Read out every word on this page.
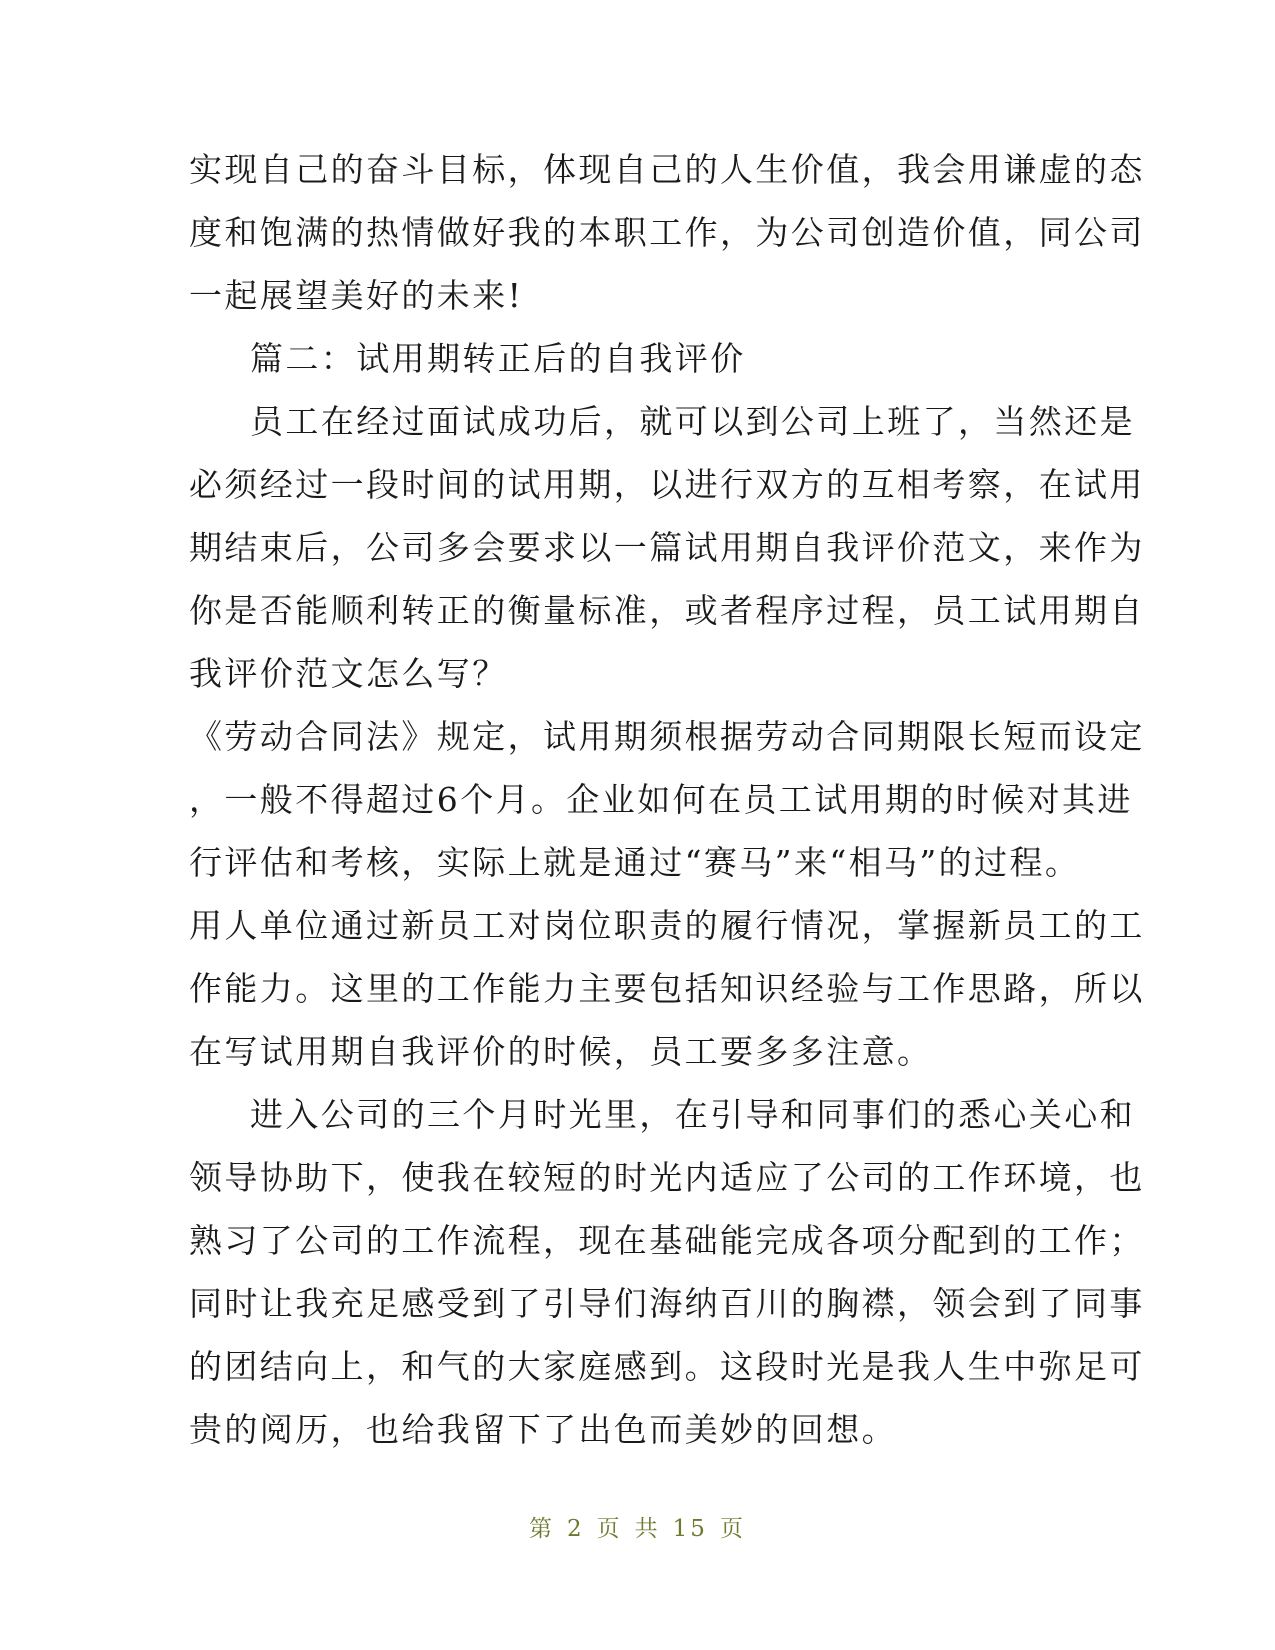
实现自己的奋斗目标，体现自己的人生价值，我会用谦虚的态
度和饱满的热情做好我的本职工作，为公司创造价值，同公司
一起展望美好的未来!
篇二：试用期转正后的自我评价
员工在经过面试成功后，就可以到公司上班了，当然还是
必须经过一段时间的试用期，以进行双方的互相考察，在试用
期结束后，公司多会要求以一篇试用期自我评价范文，来作为
你是否能顺利转正的衡量标准，或者程序过程，员工试用期自
我评价范文怎么写？
《劳动合同法》规定，试用期须根据劳动合同期限长短而设定
，一般不得超过6个月。企业如何在员工试用期的时候对其进
行评估和考核，实际上就是通过“赛马”来“相马”的过程。
用人单位通过新员工对岗位职责的履行情况，掌握新员工的工
作能力。这里的工作能力主要包括知识经验与工作思路，所以
在写试用期自我评价的时候，员工要多多注意。
进入公司的三个月时光里，在引导和同事们的悉心关心和
领导协助下，使我在较短的时光内适应了公司的工作环境，也
熟习了公司的工作流程，现在基础能完成各项分配到的工作；
同时让我充足感受到了引导们海纳百川的胸襟，领会到了同事
的团结向上，和气的大家庭感到。这段时光是我人生中弥足可
贵的阅历，也给我留下了出色而美妙的回想。
第 2 页 共 15 页
